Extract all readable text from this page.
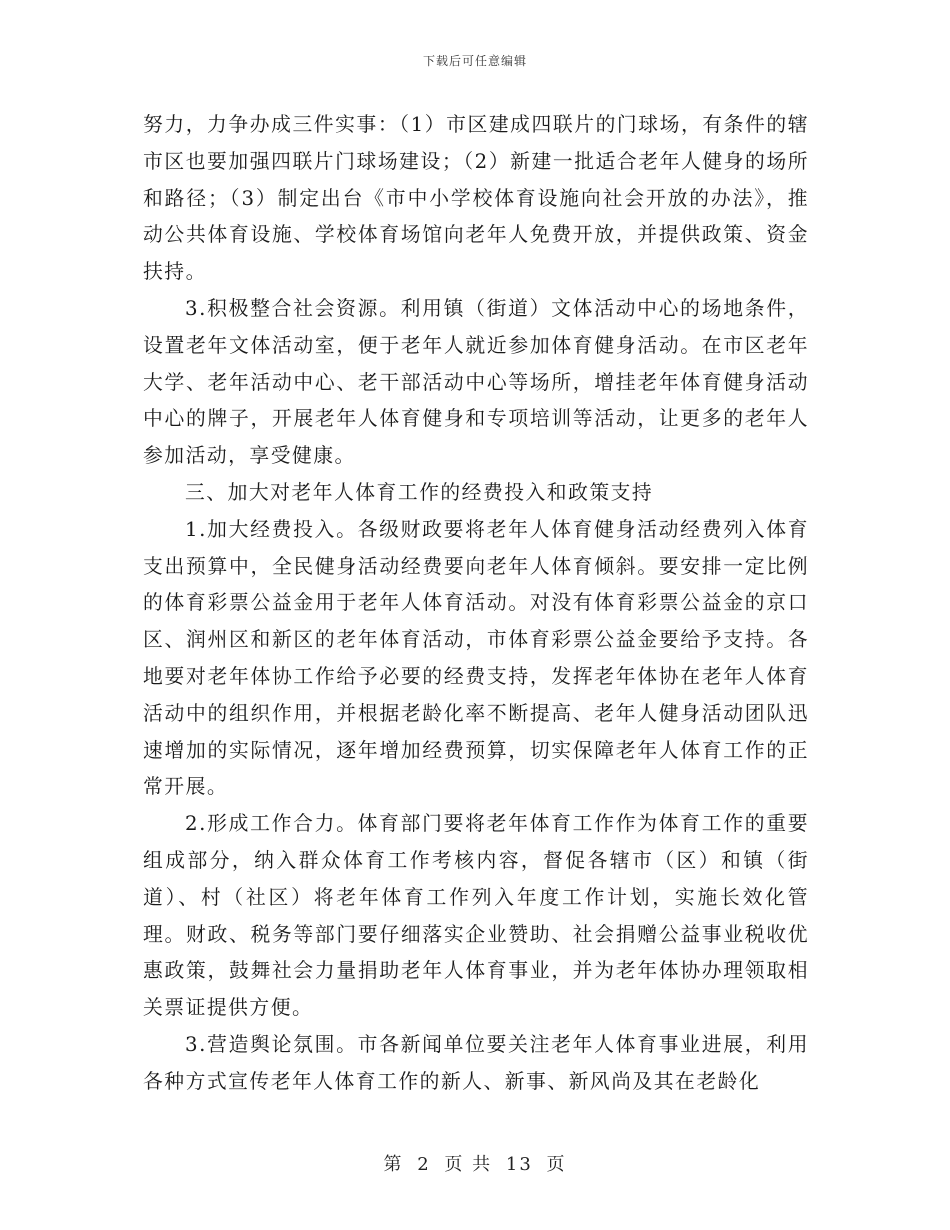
下载后可任意编辑

努力，力争办成三件实事：（1）市区建成四联片的门球场，有条件的辖市区也要加强四联片门球场建设；（2）新建一批适合老年人健身的场所和路径；（3）制定出台《市中小学校体育设施向社会开放的办法》，推动公共体育设施、学校体育场馆向老年人免费开放，并提供政策、资金扶持。

3.积极整合社会资源。利用镇（街道）文体活动中心的场地条件，设置老年文体活动室，便于老年人就近参加体育健身活动。在市区老年大学、老年活动中心、老干部活动中心等场所，增挂老年体育健身活动中心的牌子，开展老年人体育健身和专项培训等活动，让更多的老年人参加活动，享受健康。

三、加大对老年人体育工作的经费投入和政策支持

1.加大经费投入。各级财政要将老年人体育健身活动经费列入体育支出预算中，全民健身活动经费要向老年人体育倾斜。要安排一定比例的体育彩票公益金用于老年人体育活动。对没有体育彩票公益金的京口区、润州区和新区的老年体育活动，市体育彩票公益金要给予支持。各地要对老年体协工作给予必要的经费支持，发挥老年体协在老年人体育活动中的组织作用，并根据老龄化率不断提高、老年人健身活动团队迅速增加的实际情况，逐年增加经费预算，切实保障老年人体育工作的正常开展。

2.形成工作合力。体育部门要将老年体育工作作为体育工作的重要组成部分，纳入群众体育工作考核内容，督促各辖市（区）和镇（街道）、村（社区）将老年体育工作列入年度工作计划，实施长效化管理。财政、税务等部门要仔细落实企业赞助、社会捐赠公益事业税收优惠政策，鼓舞社会力量捐助老年人体育事业，并为老年体协办理领取相关票证提供方便。

3.营造舆论氛围。市各新闻单位要关注老年人体育事业进展，利用各种方式宣传老年人体育工作的新人、新事、新风尚及其在老龄化

第 2 页 共 13 页
